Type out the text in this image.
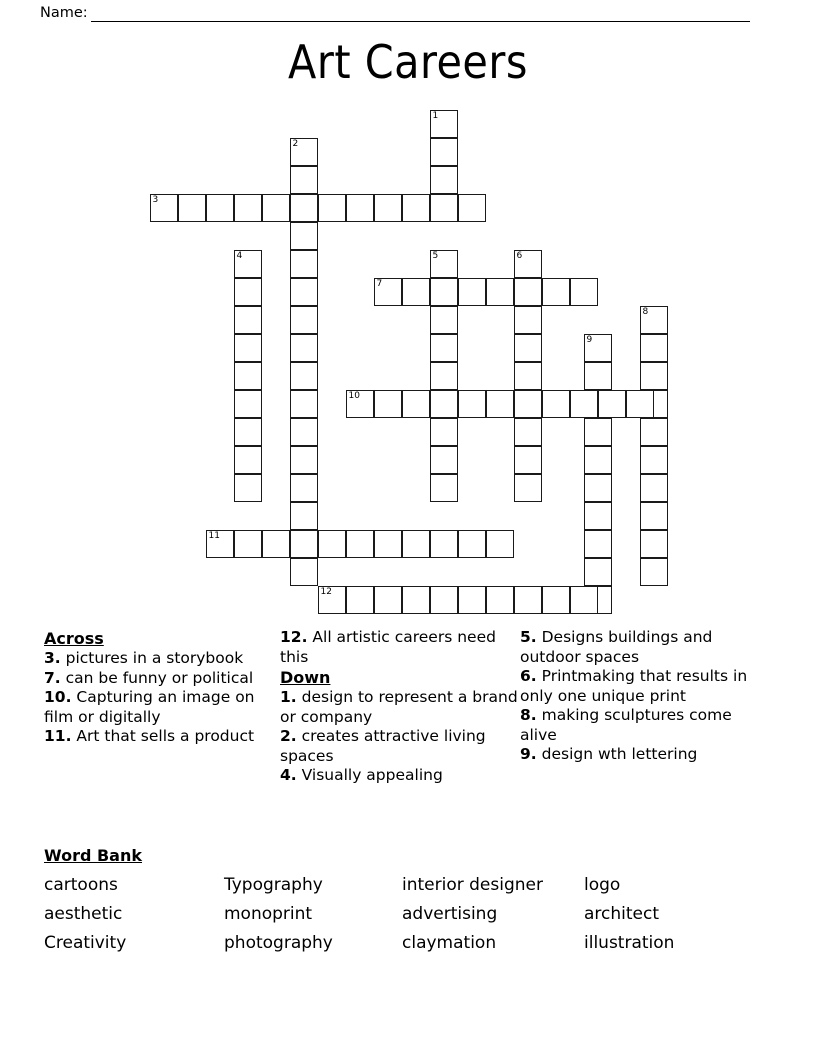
Name:
Art Careers
1
2
3
4	5	6
7
8
9
10
11
12
Across
3. pictures in a storybook
7. can be funny or political
10. Capturing an image on film or digitally
11. Art that sells a product
12. All artistic careers need this
Down
1. design to represent a brand or company
2. creates attractive living spaces
4. Visually appealing
5. Designs buildings and outdoor spaces
6. Printmaking that results in only one unique print
8. making sculptures come alive
9. design wth lettering
Word Bank
cartoons	Typography	interior designer	logo
aesthetic	monoprint	advertising	architect
Creativity	photography	claymation	illustration
